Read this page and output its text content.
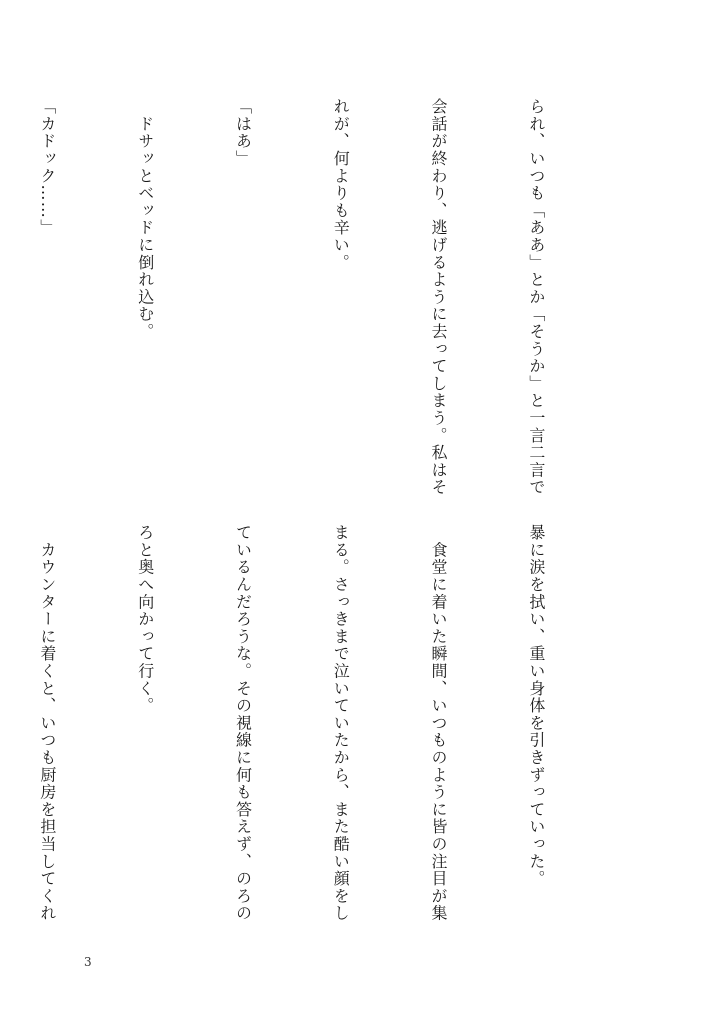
られ、いつも「ああ」とか「そうか」と一言二言で

会話が終わり、逃げるように去ってしまう。私はそ

れが、何よりも辛い。

「はあ」

　ドサッとベッドに倒れ込む。

「カドック……」

暴に涙を拭い、重い身体を引きずっていった。

　食堂に着いた瞬間、いつものように皆の注目が集

まる。さっきまで泣いていたから、また酷い顔をし

ているんだろうな。その視線に何も答えず、のろの

ろと奥へ向かって行く。

　カウンターに着くと、いつも厨房を担当してくれ

3
